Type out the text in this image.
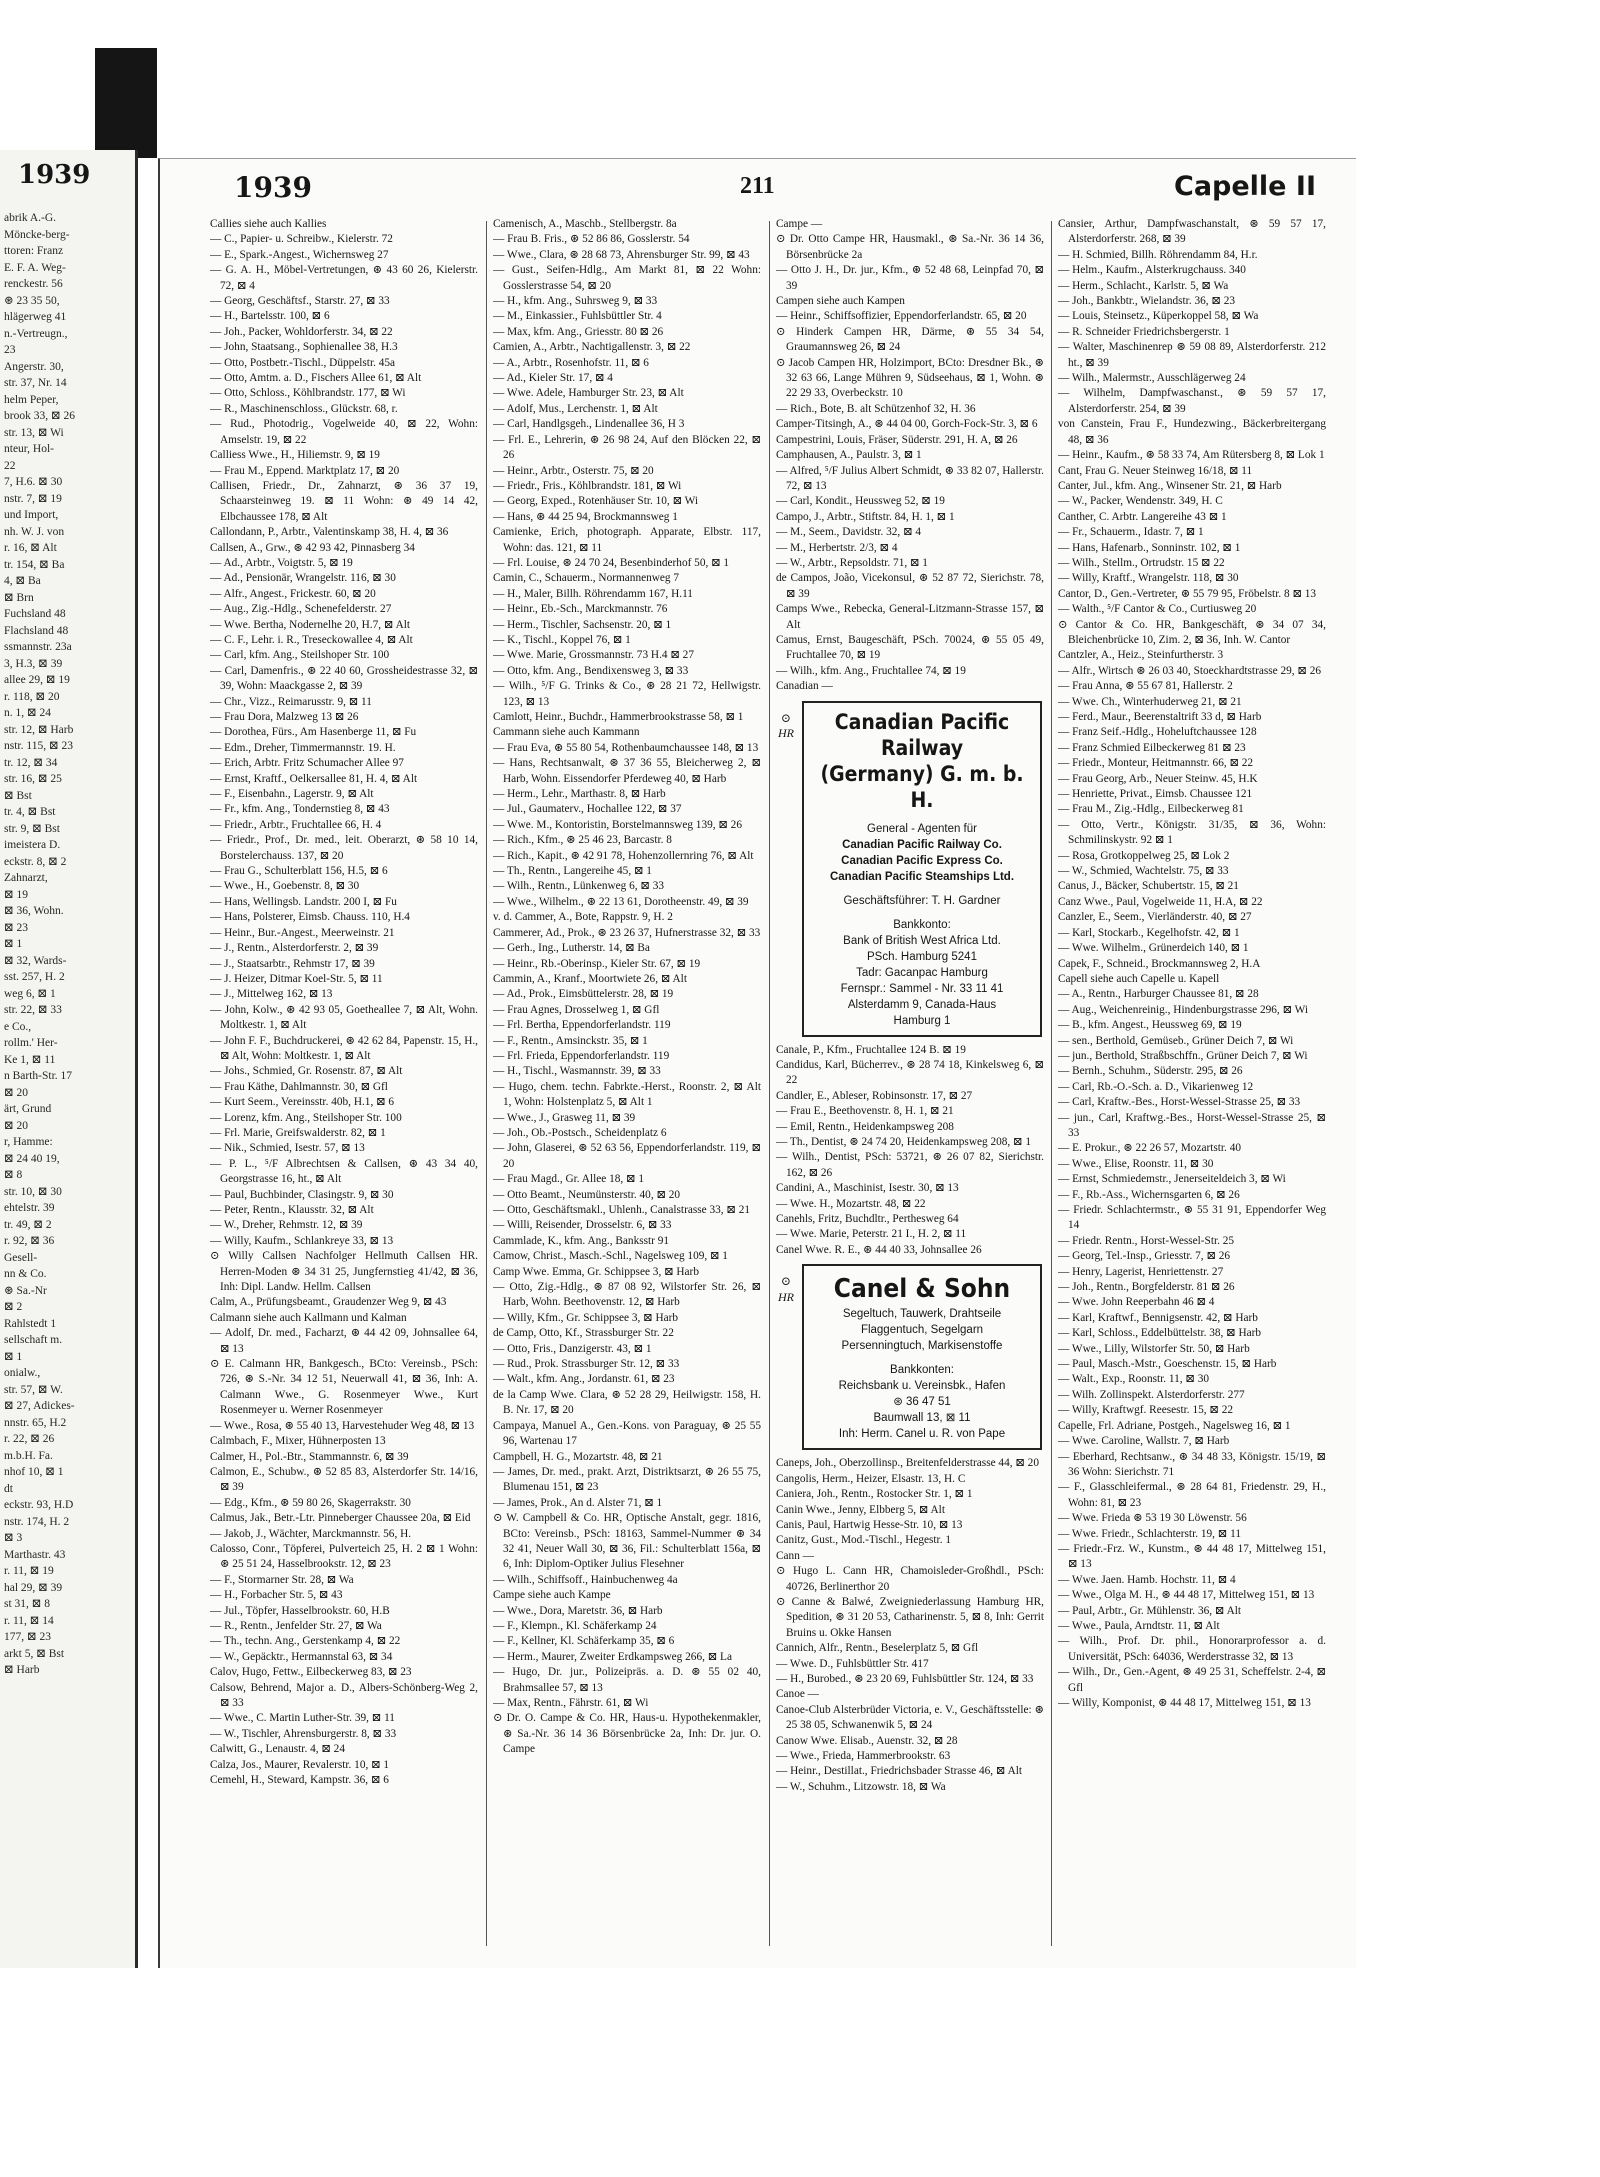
1939
abrik A.-G.
Möncke-berg-
ttoren: Franz
E. F. A. Weg-
renckestr. 56
⊛ 23 35 50,
hlägerweg 41
n.-Vertreugn.,
23
Angerstr. 30,
str. 37, Nr. 14
helm Peper,
brook 33, ⊠ 26
str. 13, ⊠ Wi
nteur, Hol-
22
7, H.6. ⊠ 30
nstr. 7, ⊠ 19
und Import,
nh. W. J. von
r. 16, ⊠ Alt
tr. 154, ⊠ Ba
4, ⊠ Ba
⊠ Brn
Fuchsland 48
Flachsland 48
ssmannstr. 23a
3, H.3, ⊠ 39
allee 29, ⊠ 19
r. 118, ⊠ 20
n. 1, ⊠ 24
str. 12, ⊠ Harb
nstr. 115, ⊠ 23
tr. 12, ⊠ 34
str. 16, ⊠ 25
⊠ Bst
tr. 4, ⊠ Bst
str. 9, ⊠ Bst
imeistera D.
eckstr. 8, ⊠ 2
Zahnarzt,
⊠ 19
⊠ 36, Wohn.
⊠ 23
⊠ 1
⊠ 32, Wards-
sst. 257, H. 2
weg 6, ⊠ 1
str. 22, ⊠ 33
e Co.,
rollm.' Her-
Ke 1, ⊠ 11
n Barth-Str. 17
⊠ 20
ärt, Grund
⊠ 20
r, Hamme:
⊠ 24 40 19,
⊠ 8
str. 10, ⊠ 30
ehtelstr. 39
tr. 49, ⊠ 2
r. 92, ⊠ 36
Gesell-
nn & Co.
⊛ Sa.-Nr
⊠ 2
Rahlstedt 1
sellschaft m.
⊠ 1
onialw.,
str. 57, ⊠ W.
⊠ 27, Adickes-
nnstr. 65, H.2
r. 22, ⊠ 26
m.b.H. Fa.
nhof 10, ⊠ 1
dt
eckstr. 93, H.D
nstr. 174, H. 2
⊠ 3
Marthastr. 43
r. 11, ⊠ 19
hal 29, ⊠ 39
st 31, ⊠ 8
r. 11, ⊠ 14
177, ⊠ 23
arkt 5, ⊠ Bst
⊠ Harb
1939	211	Capelle II

Callies siehe auch Kallies

— C., Papier- u. Schreibw., Kielerstr. 72

— E., Spark.-Angest., Wichernsweg 27

— G. A. H., Möbel-Vertretungen, ⊛ 43 60 26, Kielerstr. 72, ⊠ 4

— Georg, Geschäftsf., Starstr. 27, ⊠ 33

— H., Bartelsstr. 100, ⊠ 6

— Joh., Packer, Wohldorferstr. 34, ⊠ 22

— John, Staatsang., Sophienallee 38, H.3

— Otto, Postbetr.-Tischl., Düppelstr. 45a

— Otto, Amtm. a. D., Fischers Allee 61, ⊠ Alt

— Otto, Schloss., Köhlbrandstr. 177, ⊠ Wi

— R., Maschinenschloss., Glückstr. 68, r.

— Rud., Photodrig., Vogelweide 40, ⊠ 22, Wohn: Amselstr. 19, ⊠ 22

Calliess Wwe., H., Hiliemstr. 9, ⊠ 19

— Frau M., Eppend. Marktplatz 17, ⊠ 20

Callisen, Friedr., Dr., Zahnarzt, ⊛ 36 37 19, Schaarsteinweg 19. ⊠ 11 Wohn: ⊛ 49 14 42, Elbchaussee 178, ⊠ Alt

Callondann, P., Arbtr., Valentinskamp 38, H. 4, ⊠ 36

Callsen, A., Grw., ⊛ 42 93 42, Pinnasberg 34

— Ad., Arbtr., Voigtstr. 5, ⊠ 19

— Ad., Pensionär, Wrangelstr. 116, ⊠ 30

— Alfr., Angest., Frickestr. 60, ⊠ 20

— Aug., Zig.-Hdlg., Schenefelderstr. 27

— Wwe. Bertha, Nodernelhe 20, H.7, ⊠ Alt

— C. F., Lehr. i. R., Treseckowallee 4, ⊠ Alt

— Carl, kfm. Ang., Steilshoper Str. 100

— Carl, Damenfris., ⊛ 22 40 60, Grossheidestrasse 32, ⊠ 39, Wohn: Maackgasse 2, ⊠ 39

— Chr., Vizz., Reimarusstr. 9, ⊠ 11

— Frau Dora, Malzweg 13 ⊠ 26

— Dorothea, Fürs., Am Hasenberge 11, ⊠ Fu

— Edm., Dreher, Timmermannstr. 19. H.

— Erich, Arbtr. Fritz Schumacher Allee 97

— Ernst, Kraftf., Oelkersallee 81, H. 4, ⊠ Alt

— F., Eisenbahn., Lagerstr. 9, ⊠ Alt

— Fr., kfm. Ang., Tondernstieg 8, ⊠ 43

— Friedr., Arbtr., Fruchtallee 66, H. 4

— Friedr., Prof., Dr. med., leit. Oberarzt, ⊛ 58 10 14, Borstelerchauss. 137, ⊠ 20

— Frau G., Schulterblatt 156, H.5, ⊠ 6

— Wwe., H., Goebenstr. 8, ⊠ 30

— Hans, Wellingsb. Landstr. 200 I, ⊠ Fu

— Hans, Polsterer, Eimsb. Chauss. 110, H.4

— Heinr., Bur.-Angest., Meerweinstr. 21

— J., Rentn., Alsterdorferstr. 2, ⊠ 39

— J., Staatsarbtr., Rehmstr 17, ⊠ 39

— J. Heizer, Ditmar Koel-Str. 5, ⊠ 11

— J., Mittelweg 162, ⊠ 13

— John, Kolw., ⊛ 42 93 05, Goetheallee 7, ⊠ Alt, Wohn. Moltkestr. 1, ⊠ Alt

— John F. F., Buchdruckerei, ⊛ 42 62 84, Papenstr. 15, H., ⊠ Alt, Wohn: Moltkestr. 1, ⊠ Alt

— Johs., Schmied, Gr. Rosenstr. 87, ⊠ Alt

— Frau Käthe, Dahlmannstr. 30, ⊠ Gfl

— Kurt Seem., Vereinsstr. 40b, H.1, ⊠ 6

— Lorenz, kfm. Ang., Steilshoper Str. 100

— Frl. Marie, Greifswalderstr. 82, ⊠ 1

— Nik., Schmied, Isestr. 57, ⊠ 13

— P. L., ⁵/F Albrechtsen & Callsen, ⊛ 43 34 40, Georgstrasse 16, ht., ⊠ Alt

— Paul, Buchbinder, Clasingstr. 9, ⊠ 30

— Peter, Rentn., Klausstr. 32, ⊠ Alt

— W., Dreher, Rehmstr. 12, ⊠ 39

— Willy, Kaufm., Schlankreye 33, ⊠ 13

⊙ Willy Callsen Nachfolger Hellmuth Callsen HR. Herren-Moden ⊛ 34 31 25, Jungfernstieg 41/42, ⊠ 36, Inh: Dipl. Landw. Hellm. Callsen

Calm, A., Prüfungsbeamt., Graudenzer Weg 9, ⊠ 43

Calmann siehe auch Kallmann und Kalman

— Adolf, Dr. med., Facharzt, ⊛ 44 42 09, Johnsallee 64, ⊠ 13

⊙ E. Calmann HR, Bankgesch., BCto: Vereinsb., PSch: 726, ⊛ S.-Nr. 34 12 51, Neuerwall 41, ⊠ 36, Inh: A. Calmann Wwe., G. Rosenmeyer Wwe., Kurt Rosenmeyer u. Werner Rosenmeyer

— Wwe., Rosa, ⊛ 55 40 13, Harvestehuder Weg 48, ⊠ 13

Calmbach, F., Mixer, Hühnerposten 13

Calmer, H., Pol.-Btr., Stammannstr. 6, ⊠ 39

Calmon, E., Schubw., ⊛ 52 85 83, Alsterdorfer Str. 14/16, ⊠ 39

— Edg., Kfm., ⊛ 59 80 26, Skagerrakstr. 30

Calmus, Jak., Betr.-Ltr. Pinneberger Chaussee 20a, ⊠ Eid

— Jakob, J., Wächter, Marckmannstr. 56, H.

Calosso, Conr., Töpferei, Pulverteich 25, H. 2 ⊠ 1 Wohn: ⊛ 25 51 24, Hasselbrookstr. 12, ⊠ 23

— F., Stormarner Str. 28, ⊠ Wa

— H., Forbacher Str. 5, ⊠ 43

— Jul., Töpfer, Hasselbrookstr. 60, H.B

— R., Rentn., Jenfelder Str. 27, ⊠ Wa

— Th., techn. Ang., Gerstenkamp 4, ⊠ 22

— W., Gepäcktr., Hermannstal 63, ⊠ 34

Calov, Hugo, Fettw., Eilbeckerweg 83, ⊠ 23

Calsow, Behrend, Major a. D., Albers-Schönberg-Weg 2, ⊠ 33

— Wwe., C. Martin Luther-Str. 39, ⊠ 11

— W., Tischler, Ahrensburgerstr. 8, ⊠ 33

Calwitt, G., Lenaustr. 4, ⊠ 24

Calza, Jos., Maurer, Revalerstr. 10, ⊠ 1

Cemehl, H., Steward, Kampstr. 36, ⊠ 6

Camenisch, A., Maschb., Stellbergstr. 8a

— Frau B. Fris., ⊛ 52 86 86, Gosslerstr. 54

— Wwe., Clara, ⊛ 28 68 73, Ahrensburger Str. 99, ⊠ 43

— Gust., Seifen-Hdlg., Am Markt 81, ⊠ 22 Wohn: Gosslerstrasse 54, ⊠ 20

— H., kfm. Ang., Suhrsweg 9, ⊠ 33

— M., Einkassier., Fuhlsbüttler Str. 4

— Max, kfm. Ang., Griesstr. 80 ⊠ 26

Camien, A., Arbtr., Nachtigallenstr. 3, ⊠ 22

— A., Arbtr., Rosenhofstr. 11, ⊠ 6

— Ad., Kieler Str. 17, ⊠ 4

— Wwe. Adele, Hamburger Str. 23, ⊠ Alt

— Adolf, Mus., Lerchenstr. 1, ⊠ Alt

— Carl, Handlgsgeh., Lindenallee 36, H 3

— Frl. E., Lehrerin, ⊛ 26 98 24, Auf den Blöcken 22, ⊠ 26

— Heinr., Arbtr., Osterstr. 75, ⊠ 20

— Friedr., Fris., Köhlbrandstr. 181, ⊠ Wi

— Georg, Exped., Rotenhäuser Str. 10, ⊠ Wi

— Hans, ⊛ 44 25 94, Brockmannsweg 1

Camienke, Erich, photograph. Apparate, Elbstr. 117, Wohn: das. 121, ⊠ 11

— Frl. Louise, ⊛ 24 70 24, Besenbinderhof 50, ⊠ 1

Camin, C., Schauerm., Normannenweg 7

— H., Maler, Billh. Röhrendamm 167, H.11

— Heinr., Eb.-Sch., Marckmannstr. 76

— Herm., Tischler, Sachsenstr. 20, ⊠ 1

— K., Tischl., Koppel 76, ⊠ 1

— Wwe. Marie, Grossmannstr. 73 H.4 ⊠ 27

— Otto, kfm. Ang., Bendixensweg 3, ⊠ 33

— Wilh., ⁵/F G. Trinks & Co., ⊛ 28 21 72, Hellwigstr. 123, ⊠ 13

Camlott, Heinr., Buchdr., Hammerbrookstrasse 58, ⊠ 1

Cammann siehe auch Kammann

— Frau Eva, ⊛ 55 80 54, Rothenbaumchaussee 148, ⊠ 13

— Hans, Rechtsanwalt, ⊛ 37 36 55, Bleicherweg 2, ⊠ Harb, Wohn. Eissendorfer Pferdeweg 40, ⊠ Harb

— Herm., Lehr., Marthastr. 8, ⊠ Harb

— Jul., Gaumaterv., Hochallee 122, ⊠ 37

— Wwe. M., Kontoristin, Borstelmannsweg 139, ⊠ 26

— Rich., Kfm., ⊛ 25 46 23, Barcastr. 8

— Rich., Kapit., ⊛ 42 91 78, Hohenzollernring 76, ⊠ Alt

— Th., Rentn., Langereihe 45, ⊠ 1

— Wilh., Rentn., Lünkenweg 6, ⊠ 33

— Wwe., Wilhelm., ⊛ 22 13 61, Dorotheenstr. 49, ⊠ 39

v. d. Cammer, A., Bote, Rappstr. 9, H. 2

Cammerer, Ad., Prok., ⊛ 23 26 37, Hufnerstrasse 32, ⊠ 33

— Gerh., Ing., Lutherstr. 14, ⊠ Ba

— Heinr., Rb.-Oberinsp., Kieler Str. 67, ⊠ 19

Cammin, A., Kranf., Moortwiete 26, ⊠ Alt

— Ad., Prok., Eimsbüttelerstr. 28, ⊠ 19

— Frau Agnes, Drosselweg 1, ⊠ Gfl

— Frl. Bertha, Eppendorferlandstr. 119

— F., Rentn., Amsinckstr. 35, ⊠ 1

— Frl. Frieda, Eppendorferlandstr. 119

— H., Tischl., Wasmannstr. 39, ⊠ 33

— Hugo, chem. techn. Fabrkte.-Herst., Roonstr. 2, ⊠ Alt 1, Wohn: Holstenplatz 5, ⊠ Alt 1

— Wwe., J., Grasweg 11, ⊠ 39

— Joh., Ob.-Postsch., Scheidenplatz 6

— John, Glaserei, ⊛ 52 63 56, Eppendorferlandstr. 119, ⊠ 20

— Frau Magd., Gr. Allee 18, ⊠ 1

— Otto Beamt., Neumünsterstr. 40, ⊠ 20

— Otto, Geschäftsmakl., Uhlenh., Canalstrasse 33, ⊠ 21

— Willi, Reisender, Drosselstr. 6, ⊠ 33

Cammlade, K., kfm. Ang., Banksstr 91

Camow, Christ., Masch.-Schl., Nagelsweg 109, ⊠ 1

Camp Wwe. Emma, Gr. Schippsee 3, ⊠ Harb

— Otto, Zig.-Hdlg., ⊛ 87 08 92, Wilstorfer Str. 26, ⊠ Harb, Wohn. Beethovenstr. 12, ⊠ Harb

— Willy, Kfm., Gr. Schippsee 3, ⊠ Harb

de Camp, Otto, Kf., Strassburger Str. 22

— Otto, Fris., Danzigerstr. 43, ⊠ 1

— Rud., Prok. Strassburger Str. 12, ⊠ 33

— Walt., kfm. Ang., Jordanstr. 61, ⊠ 23

de la Camp Wwe. Clara, ⊛ 52 28 29, Heilwigstr. 158, H. B. Nr. 17, ⊠ 20

Campaya, Manuel A., Gen.-Kons. von Paraguay, ⊛ 25 55 96, Wartenau 17

Campbell, H. G., Mozartstr. 48, ⊠ 21

— James, Dr. med., prakt. Arzt, Distriktsarzt, ⊛ 26 55 75, Blumenau 151, ⊠ 23

— James, Prok., An d. Alster 71, ⊠ 1

⊙ W. Campbell & Co. HR, Optische Anstalt, gegr. 1816, BCto: Vereinsb., PSch: 18163, Sammel-Nummer ⊛ 34 32 41, Neuer Wall 30, ⊠ 36, Fil.: Schulterblatt 156a, ⊠ 6, Inh: Diplom-Optiker Julius Flesehner

— Wilh., Schiffsoff., Hainbuchenweg 4a

Campe siehe auch Kampe

— Wwe., Dora, Maretstr. 36, ⊠ Harb

— F., Klempn., Kl. Schäferkamp 24

— F., Kellner, Kl. Schäferkamp 35, ⊠ 6

— Herm., Maurer, Zweiter Erdkampsweg 266, ⊠ La

— Hugo, Dr. jur., Polizeipräs. a. D. ⊛ 55 02 40, Brahmsallee 57, ⊠ 13

— Max, Rentn., Fährstr. 61, ⊠ Wi

⊙ Dr. O. Campe & Co. HR, Haus-u. Hypothekenmakler, ⊛ Sa.-Nr. 36 14 36 Börsenbrücke 2a, Inh: Dr. jur. O. Campe

Campe —

⊙ Dr. Otto Campe HR, Hausmakl., ⊛ Sa.-Nr. 36 14 36, Börsenbrücke 2a

— Otto J. H., Dr. jur., Kfm., ⊛ 52 48 68, Leinpfad 70, ⊠ 39

Campen siehe auch Kampen

— Heinr., Schiffsoffizier, Eppendorferlandstr. 65, ⊠ 20

⊙ Hinderk Campen HR, Därme, ⊛ 55 34 54, Graumannsweg 26, ⊠ 24

⊙ Jacob Campen HR, Holzimport, BCto: Dresdner Bk., ⊛ 32 63 66, Lange Mühren 9, Südseehaus, ⊠ 1, Wohn. ⊛ 22 29 33, Overbeckstr. 10

— Rich., Bote, B. alt Schützenhof 32, H. 36

Camper-Titsingh, A., ⊛ 44 04 00, Gorch-Fock-Str. 3, ⊠ 6

Campestrini, Louis, Fräser, Süderstr. 291, H. A, ⊠ 26

Camphausen, A., Paulstr. 3, ⊠ 1

— Alfred, ⁵/F Julius Albert Schmidt, ⊛ 33 82 07, Hallerstr. 72, ⊠ 13

— Carl, Kondit., Heussweg 52, ⊠ 19

Campo, J., Arbtr., Stiftstr. 84, H. 1, ⊠ 1

— M., Seem., Davidstr. 32, ⊠ 4

— M., Herbertstr. 2/3, ⊠ 4

— W., Arbtr., Repsoldstr. 71, ⊠ 1

de Campos, João, Vicekonsul, ⊛ 52 87 72, Sierichstr. 78, ⊠ 39

Camps Wwe., Rebecka, General-Litzmann-Strasse 157, ⊠ Alt

Camus, Ernst, Baugeschäft, PSch. 70024, ⊛ 55 05 49, Fruchtallee 70, ⊠ 19

— Wilh., kfm. Ang., Fruchtallee 74, ⊠ 19

Canadian —

⊙
HR	Canadian Pacific Railway
(Germany) G. m. b. H.
General - Agenten für
Canadian Pacific Railway Co.
Canadian Pacific Express Co.
Canadian Pacific Steamships Ltd.
Geschäftsführer: T. H. Gardner
Bankkonto:
Bank of British West Africa Ltd.
PSch. Hamburg 5241
Tadr: Gacanpac Hamburg
Fernspr.: Sammel - Nr. 33 11 41
Alsterdamm 9, Canada-Haus
Hamburg 1

Canale, P., Kfm., Fruchtallee 124 B. ⊠ 19

Candidus, Karl, Bücherrev., ⊛ 28 74 18, Kinkelsweg 6, ⊠ 22

Candler, E., Ableser, Robinsonstr. 17, ⊠ 27

— Frau E., Beethovenstr. 8, H. 1, ⊠ 21

— Emil, Rentn., Heidenkampsweg 208

— Th., Dentist, ⊛ 24 74 20, Heidenkampsweg 208, ⊠ 1

— Wilh., Dentist, PSch: 53721, ⊛ 26 07 82, Sierichstr. 162, ⊠ 26

Candini, A., Maschinist, Isestr. 30, ⊠ 13

— Wwe. H., Mozartstr. 48, ⊠ 22

Canehls, Fritz, Buchdltr., Perthesweg 64

— Wwe. Marie, Peterstr. 21 I., H. 2, ⊠ 11

Canel Wwe. R. E., ⊛ 44 40 33, Johnsallee 26

⊙
HR	Canel & Sohn
Segeltuch, Tauwerk, Drahtseile
Flaggentuch, Segelgarn
Persenningtuch, Markisenstoffe
Bankkonten:
Reichsbank u. Vereinsbk., Hafen
⊛ 36 47 51
Baumwall 13, ⊠ 11
Inh: Herm. Canel u. R. von Pape

Caneps, Joh., Oberzollinsp., Breitenfelderstrasse 44, ⊠ 20

Cangolis, Herm., Heizer, Elsastr. 13, H. C

Caniera, Joh., Rentn., Rostocker Str. 1, ⊠ 1

Canin Wwe., Jenny, Elbberg 5, ⊠ Alt

Canis, Paul, Hartwig Hesse-Str. 10, ⊠ 13

Canitz, Gust., Mod.-Tischl., Hegestr. 1

Cann —

⊙ Hugo L. Cann HR, Chamoisleder-Großhdl., PSch: 40726, Berlinerthor 20

⊙ Canne & Balwé, Zweigniederlassung Hamburg HR, Spedition, ⊛ 31 20 53, Catharinenstr. 5, ⊠ 8, Inh: Gerrit Bruins u. Okke Hansen

Cannich, Alfr., Rentn., Beselerplatz 5, ⊠ Gfl

— Wwe. D., Fuhlsbüttler Str. 417

— H., Burobed., ⊛ 23 20 69, Fuhlsbüttler Str. 124, ⊠ 33

Canoe —

Canoe-Club Alsterbrüder Victoria, e. V., Geschäftsstelle: ⊛ 25 38 05, Schwanenwik 5, ⊠ 24

Canow Wwe. Elisab., Auenstr. 32, ⊠ 28

— Wwe., Frieda, Hammerbrookstr. 63

— Heinr., Destillat., Friedrichsbader Strasse 46, ⊠ Alt

— W., Schuhm., Litzowstr. 18, ⊠ Wa

Cansier, Arthur, Dampfwaschanstalt, ⊛ 59 57 17, Alsterdorferstr. 268, ⊠ 39

— H. Schmied, Billh. Röhrendamm 84, H.r.

— Helm., Kaufm., Alsterkrugchauss. 340

— Herm., Schlacht., Karlstr. 5, ⊠ Wa

— Joh., Bankbtr., Wielandstr. 36, ⊠ 23

— Louis, Steinsetz., Küperkoppel 58, ⊠ Wa

— R. Schneider Friedrichsbergerstr. 1

— Walter, Maschinenrep ⊛ 59 08 89, Alsterdorferstr. 212 ht., ⊠ 39

— Wilh., Malermstr., Ausschlägerweg 24

— Wilhelm, Dampfwaschanst., ⊛ 59 57 17, Alsterdorferstr. 254, ⊠ 39

von Canstein, Frau F., Hundezwing., Bäckerbreitergang 48, ⊠ 36

— Heinr., Kaufm., ⊛ 58 33 74, Am Rütersberg 8, ⊠ Lok 1

Cant, Frau G. Neuer Steinweg 16/18, ⊠ 11

Canter, Jul., kfm. Ang., Winsener Str. 21, ⊠ Harb

— W., Packer, Wendenstr. 349, H. C

Canther, C. Arbtr. Langereihe 43 ⊠ 1

— Fr., Schauerm., Idastr. 7, ⊠ 1

— Hans, Hafenarb., Sonninstr. 102, ⊠ 1

— Wilh., Stellm., Ortrudstr. 15 ⊠ 22

— Willy, Kraftf., Wrangelstr. 118, ⊠ 30

Cantor, D., Gen.-Vertreter, ⊛ 55 79 95, Fröbelstr. 8 ⊠ 13

— Walth., ⁵/F Cantor & Co., Curtiusweg 20

⊙ Cantor & Co. HR, Bankgeschäft, ⊛ 34 07 34, Bleichenbrücke 10, Zim. 2, ⊠ 36, Inh. W. Cantor

Cantzler, A., Heiz., Steinfurtherstr. 3

— Alfr., Wirtsch ⊛ 26 03 40, Stoeckhardtstrasse 29, ⊠ 26

— Frau Anna, ⊛ 55 67 81, Hallerstr. 2

— Wwe. Ch., Winterhuderweg 21, ⊠ 21

— Ferd., Maur., Beerenstaltrift 33 d, ⊠ Harb

— Franz Seif.-Hdlg., Hoheluftchaussee 128

— Franz Schmied Eilbeckerweg 81 ⊠ 23

— Friedr., Monteur, Heitmannstr. 66, ⊠ 22

— Frau Georg, Arb., Neuer Steinw. 45, H.K

— Henriette, Privat., Eimsb. Chaussee 121

— Frau M., Zig.-Hdlg., Eilbeckerweg 81

— Otto, Vertr., Königstr. 31/35, ⊠ 36, Wohn: Schmilinskystr. 92 ⊠ 1

— Rosa, Grotkoppelweg 25, ⊠ Lok 2

— W., Schmied, Wachtelstr. 75, ⊠ 33

Canus, J., Bäcker, Schubertstr. 15, ⊠ 21

Canz Wwe., Paul, Vogelweide 11, H.A, ⊠ 22

Canzler, E., Seem., Vierländerstr. 40, ⊠ 27

— Karl, Stockarb., Kegelhofstr. 42, ⊠ 1

— Wwe. Wilhelm., Grünerdeich 140, ⊠ 1

Capek, F., Schneid., Brockmannsweg 2, H.A

Capell siehe auch Capelle u. Kapell

— A., Rentn., Harburger Chaussee 81, ⊠ 28

— Aug., Weichenreinig., Hindenburgstrasse 296, ⊠ Wi

— B., kfm. Angest., Heussweg 69, ⊠ 19

— sen., Berthold, Gemüseb., Grüner Deich 7, ⊠ Wi

— jun., Berthold, Straßbschffn., Grüner Deich 7, ⊠ Wi

— Bernh., Schuhm., Süderstr. 295, ⊠ 26

— Carl, Rb.-O.-Sch. a. D., Vikarienweg 12

— Carl, Kraftw.-Bes., Horst-Wessel-Strasse 25, ⊠ 33

— jun., Carl, Kraftwg.-Bes., Horst-Wessel-Strasse 25, ⊠ 33

— E. Prokur., ⊛ 22 26 57, Mozartstr. 40

— Wwe., Elise, Roonstr. 11, ⊠ 30

— Ernst, Schmiedemstr., Jenerseiteldeich 3, ⊠ Wi

— F., Rb.-Ass., Wichernsgarten 6, ⊠ 26

— Friedr. Schlachtermstr., ⊛ 55 31 91, Eppendorfer Weg 14

— Friedr. Rentn., Horst-Wessel-Str. 25

— Georg, Tel.-Insp., Griesstr. 7, ⊠ 26

— Henry, Lagerist, Henriettenstr. 27

— Joh., Rentn., Borgfelderstr. 81 ⊠ 26

— Wwe. John Reeperbahn 46 ⊠ 4

— Karl, Kraftwf., Bennigsenstr. 42, ⊠ Harb

— Karl, Schloss., Eddelbüttelstr. 38, ⊠ Harb

— Wwe., Lilly, Wilstorfer Str. 50, ⊠ Harb

— Paul, Masch.-Mstr., Goeschenstr. 15, ⊠ Harb

— Walt., Exp., Roonstr. 11, ⊠ 30

— Wilh. Zollinspekt. Alsterdorferstr. 277

— Willy, Kraftwgf. Reesestr. 15, ⊠ 22

Capelle, Frl. Adriane, Postgeh., Nagelsweg 16, ⊠ 1

— Wwe. Caroline, Wallstr. 7, ⊠ Harb

— Eberhard, Rechtsanw., ⊛ 34 48 33, Königstr. 15/19, ⊠ 36 Wohn: Sierichstr. 71

— F., Glasschleifermal., ⊛ 28 64 81, Friedenstr. 29, H., Wohn: 81, ⊠ 23

— Wwe. Frieda ⊛ 53 19 30 Löwenstr. 56

— Wwe. Friedr., Schlachterstr. 19, ⊠ 11

— Friedr.-Frz. W., Kunstm., ⊛ 44 48 17, Mittelweg 151, ⊠ 13

— Wwe. Jaen. Hamb. Hochstr. 11, ⊠ 4

— Wwe., Olga M. H., ⊛ 44 48 17, Mittelweg 151, ⊠ 13

— Paul, Arbtr., Gr. Mühlenstr. 36, ⊠ Alt

— Wwe., Paula, Arndtstr. 11, ⊠ Alt

— Wilh., Prof. Dr. phil., Honorarprofessor a. d. Universität, PSch: 64036, Werderstrasse 32, ⊠ 13

— Wilh., Dr., Gen.-Agent, ⊛ 49 25 31, Scheffelstr. 2-4, ⊠ Gfl

— Willy, Komponist, ⊛ 44 48 17, Mittelweg 151, ⊠ 13
